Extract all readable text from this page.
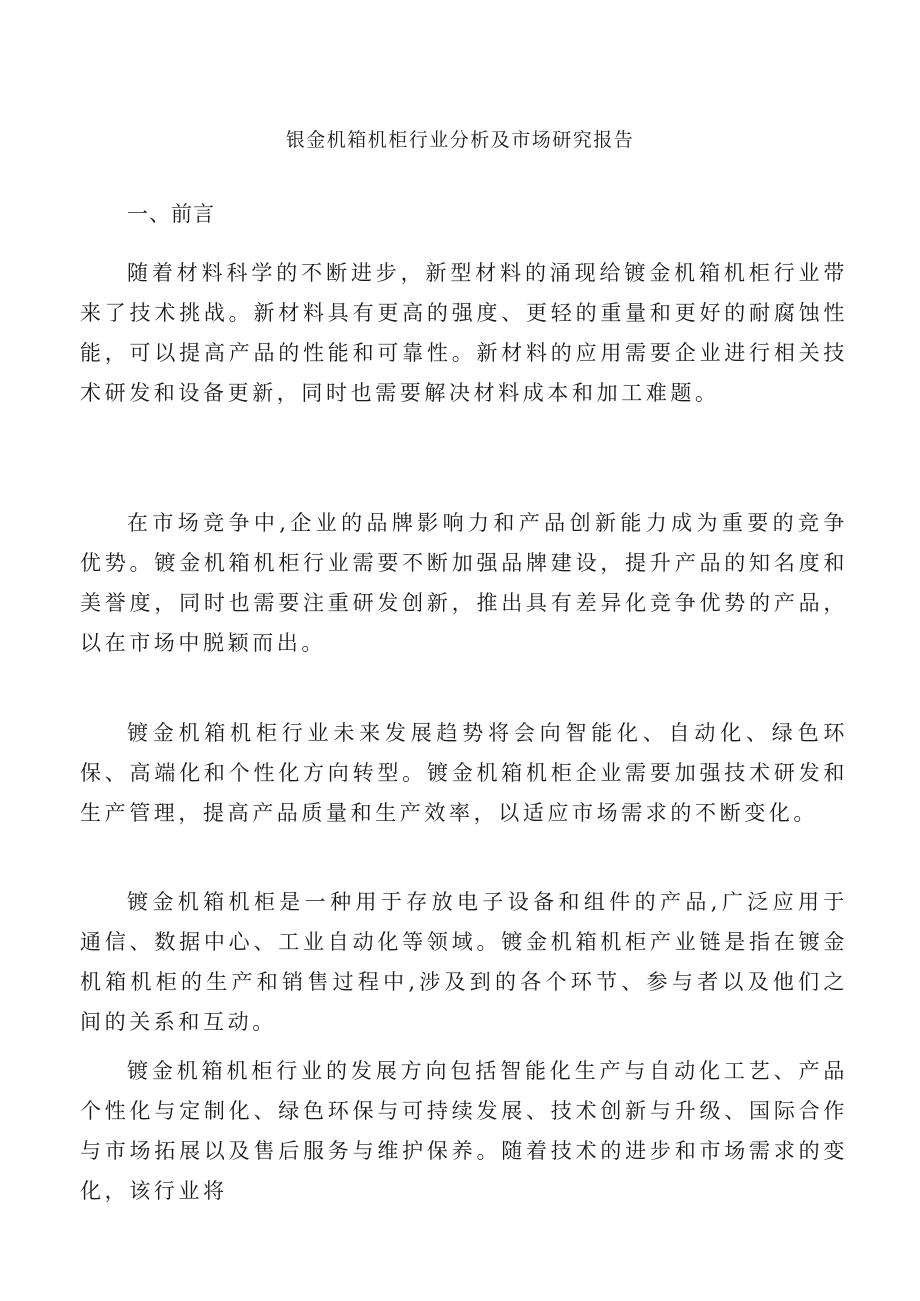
银金机箱机柜行业分析及市场研究报告
一、前言

随着材料科学的不断进步，新型材料的涌现给镀金机箱机柜行业带来了技术挑战。新材料具有更高的强度、更轻的重量和更好的耐腐蚀性能，可以提高产品的性能和可靠性。新材料的应用需要企业进行相关技术研发和设备更新，同时也需要解决材料成本和加工难题。

在市场竞争中,企业的品牌影响力和产品创新能力成为重要的竞争优势。镀金机箱机柜行业需要不断加强品牌建设，提升产品的知名度和美誉度，同时也需要注重研发创新，推出具有差异化竞争优势的产品，以在市场中脱颖而出。

镀金机箱机柜行业未来发展趋势将会向智能化、自动化、绿色环保、高端化和个性化方向转型。镀金机箱机柜企业需要加强技术研发和生产管理，提高产品质量和生产效率，以适应市场需求的不断变化。

镀金机箱机柜是一种用于存放电子设备和组件的产品,广泛应用于通信、数据中心、工业自动化等领域。镀金机箱机柜产业链是指在镀金机箱机柜的生产和销售过程中,涉及到的各个环节、参与者以及他们之间的关系和互动。

镀金机箱机柜行业的发展方向包括智能化生产与自动化工艺、产品个性化与定制化、绿色环保与可持续发展、技术创新与升级、国际合作与市场拓展以及售后服务与维护保养。随着技术的进步和市场需求的变化，该行业将
